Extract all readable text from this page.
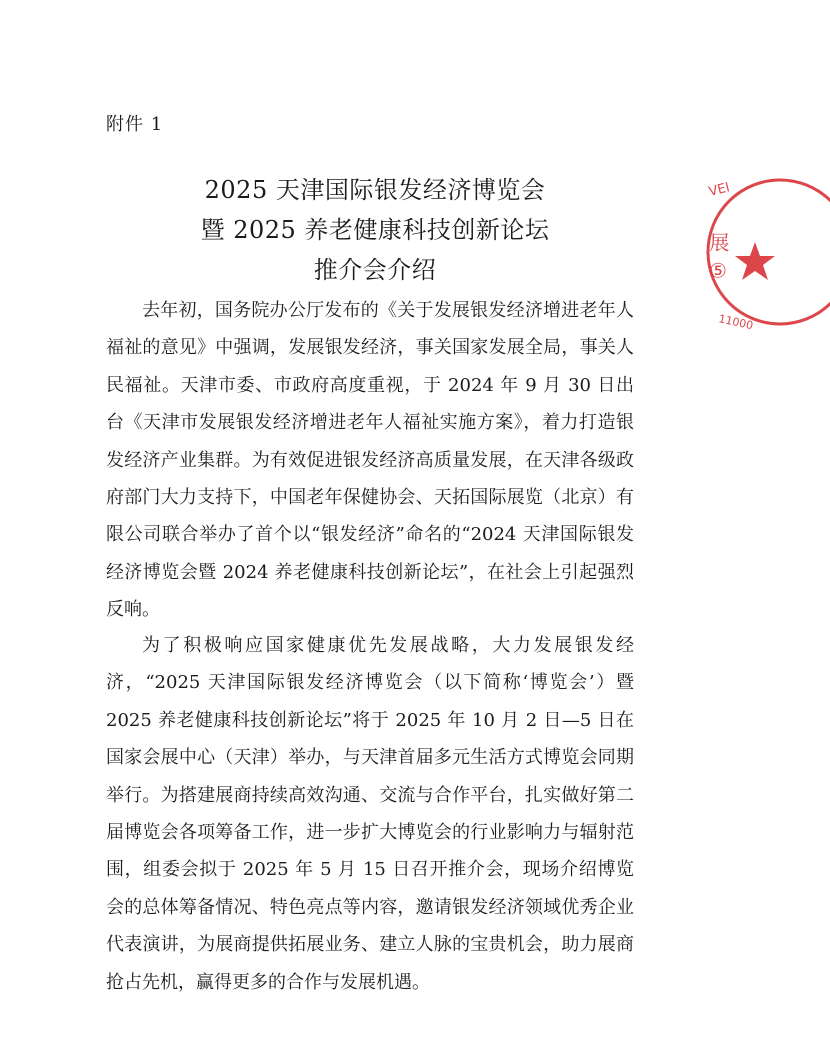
附件 1
2025 天津国际银发经济博览会
暨 2025 养老健康科技创新论坛
推介会介绍

去年初，国务院办公厅发布的《关于发展银发经济增进老年人福祉的意见》中强调，发展银发经济，事关国家发展全局，事关人民福祉。天津市委、市政府高度重视，于 2024 年 9 月 30 日出台《天津市发展银发经济增进老年人福祉实施方案》，着力打造银发经济产业集群。为有效促进银发经济高质量发展，在天津各级政府部门大力支持下，中国老年保健协会、天拓国际展览（北京）有限公司联合举办了首个以“银发经济”命名的“2024 天津国际银发经济博览会暨 2024 养老健康科技创新论坛”，在社会上引起强烈反响。

为了积极响应国家健康优先发展战略，大力发展银发经济，“2025 天津国际银发经济博览会（以下简称‘博览会’）暨 2025 养老健康科技创新论坛”将于 2025 年 10 月 2 日—5 日在国家会展中心（天津）举办，与天津首届多元生活方式博览会同期举行。为搭建展商持续高效沟通、交流与合作平台，扎实做好第二届博览会各项筹备工作，进一步扩大博览会的行业影响力与辐射范围，组委会拟于 2025 年 5 月 15 日召开推介会，现场介绍博览会的总体筹备情况、特色亮点等内容，邀请银发经济领域优秀企业代表演讲，为展商提供拓展业务、建立人脉的宝贵机会，助力展商抢占先机，赢得更多的合作与发展机遇。

VEI
展 ⑤
11000
